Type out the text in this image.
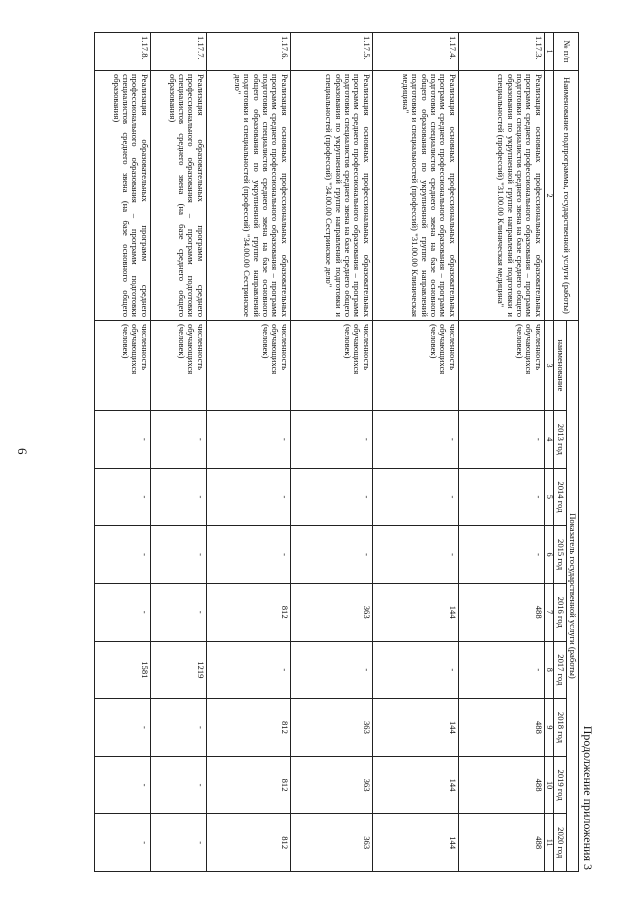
6
Продолжение приложения 3
№ п/п	Наименование подпрограммы, государственной услуги (работы)	Показатель государственной услуги (работы)								
		наименование	2013 год	2014 год	2015 год	2016 год	2017 год	2018 год	2019 год	2020 год
1	2	3	4	5	6	7	8	9	10	11
1.17.3.	Реализация основных профессиональных образовательных программ среднего профессионального образования – программ подготовки специалистов среднего звена на базе среднего общего образования по укрупненной группе направлений подготовки и специальностей (профессий) "31.00.00 Клиническая медицина"	численность обучающихся (человек)	-	-	-	488	-	488	488	488
1.17.4.	Реализация основных профессиональных образовательных программ среднего профессионального образования – программ подготовки специалистов среднего звена на базе основного общего образования по укрупненной группе направлений подготовки и специальностей (профессий) "31.00.00 Клиническая медицина"	численность обучающихся (человек)	-	-	-	144	-	144	144	144
1.17.5.	Реализация основных профессиональных образовательных программ среднего профессионального образования – программ подготовки специалистов среднего звена на базе среднего общего образования по укрупненной группе направлений подготовки и специальностей (профессий) "34.00.00 Сестринское дело"	численность обучающихся (человек)	-	-	-	363	-	363	363	363
1.17.6.	Реализация основных профессиональных образовательных программ среднего профессионального образования – программ подготовки специалистов среднего звена на базе основного общего образования по укрупненной группе направлений подготовки и специальностей (профессий) "34.00.00 Сестринское дело"	численность обучающихся (человек)	-	-	-	812	-	812	812	812
1.17.7.	Реализация образовательных программ среднего профессионального образования – программ подготовки специалистов среднего звена (на базе среднего общего образования)	численность обучающихся (человек)	-	-	-	-	1219	-	-	-
1.17.8.	Реализация образовательных программ среднего профессионального образования – программ подготовки специалистов среднего звена (на базе основного общего образования)	численность обучающихся (человек)	-	-	-	-	1581	-	-	-
